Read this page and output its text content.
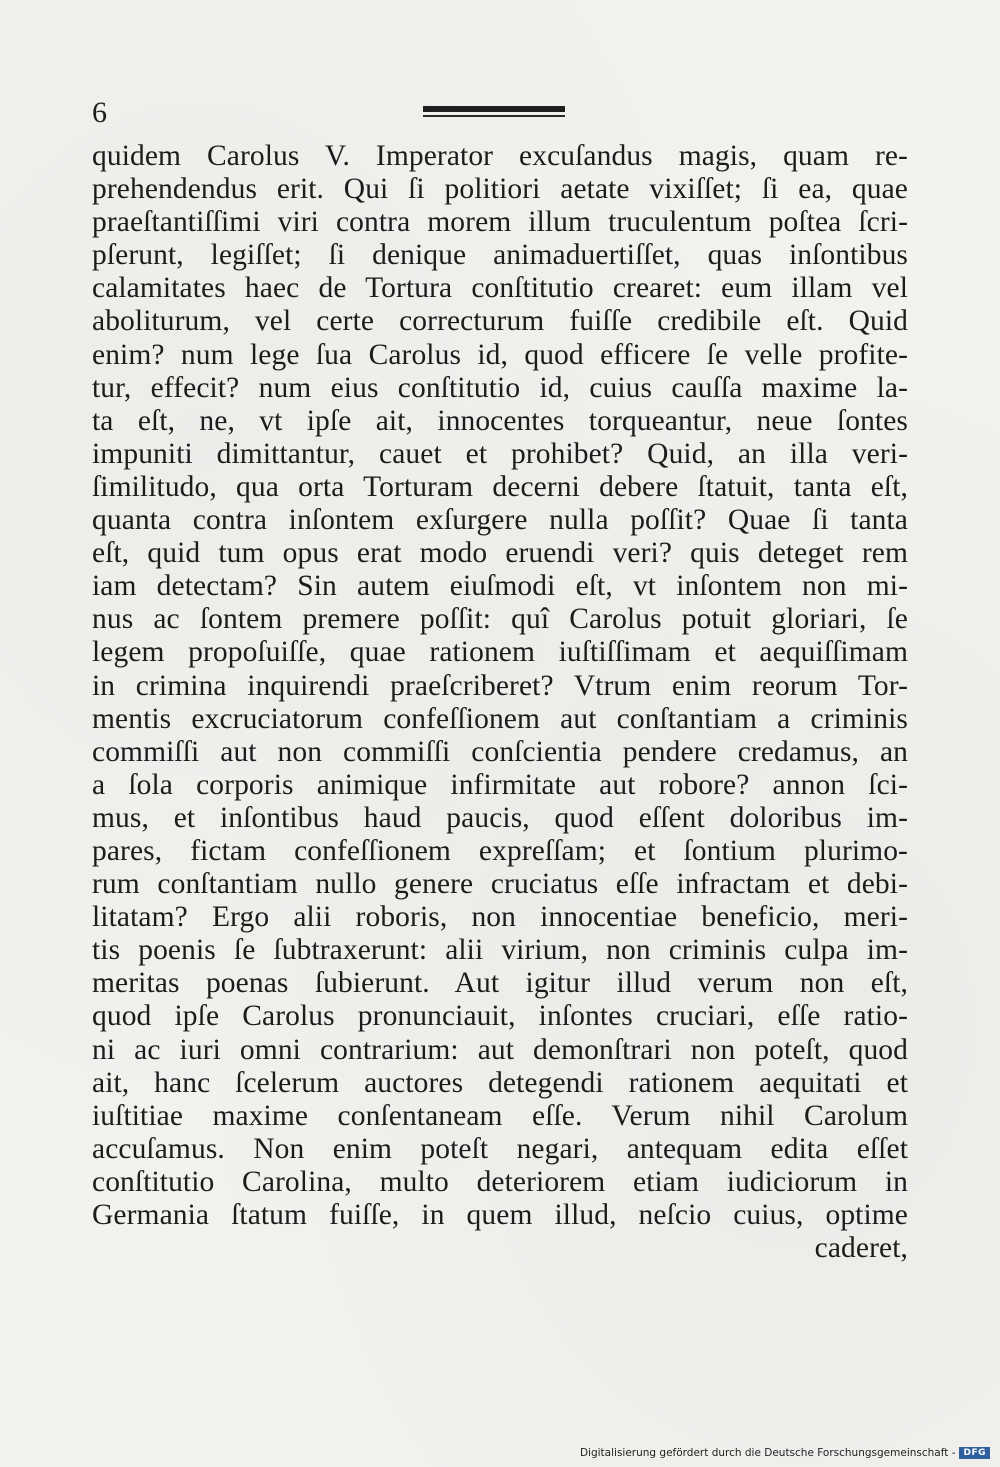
6
quidem Carolus V. Imperator excuſandus magis, quam re-
prehendendus erit. Qui ſi politiori aetate vixiſſet; ſi ea, quae
praeſtantiſſimi viri contra morem illum truculentum poſtea ſcri-
pſerunt, legiſſet; ſi denique animaduertiſſet, quas inſontibus
calamitates haec de Tortura conſtitutio crearet: eum illam vel
aboliturum, vel certe correcturum fuiſſe credibile eſt. Quid
enim? num lege ſua Carolus id, quod efficere ſe velle profite-
tur, effecit? num eius conſtitutio id, cuius cauſſa maxime la-
ta eſt, ne, vt ipſe ait, innocentes torqueantur, neue ſontes
impuniti dimittantur, cauet et prohibet? Quid, an illa veri-
ſimilitudo, qua orta Torturam decerni debere ſtatuit, tanta eſt,
quanta contra inſontem exſurgere nulla poſſit? Quae ſi tanta
eſt, quid tum opus erat modo eruendi veri? quis deteget rem
iam detectam? Sin autem eiuſmodi eſt, vt inſontem non mi-
nus ac ſontem premere poſſit: quî Carolus potuit gloriari, ſe
legem propoſuiſſe, quae rationem iuſtiſſimam et aequiſſimam
in crimina inquirendi praeſcriberet? Vtrum enim reorum Tor-
mentis excruciatorum confeſſionem aut conſtantiam a criminis
commiſſi aut non commiſſi conſcientia pendere credamus, an
a ſola corporis animique infirmitate aut robore? annon ſci-
mus, et inſontibus haud paucis, quod eſſent doloribus im-
pares, fictam confeſſionem expreſſam; et ſontium plurimo-
rum conſtantiam nullo genere cruciatus eſſe infractam et debi-
litatam? Ergo alii roboris, non innocentiae beneficio, meri-
tis poenis ſe ſubtraxerunt: alii virium, non criminis culpa im-
meritas poenas ſubierunt. Aut igitur illud verum non eſt,
quod ipſe Carolus pronunciauit, inſontes cruciari, eſſe ratio-
ni ac iuri omni contrarium: aut demonſtrari non poteſt, quod
ait, hanc ſcelerum auctores detegendi rationem aequitati et
iuſtitiae maxime conſentaneam eſſe. Verum nihil Carolum
accuſamus. Non enim poteſt negari, antequam edita eſſet
conſtitutio Carolina, multo deteriorem etiam iudiciorum in
Germania ſtatum fuiſſe, in quem illud, neſcio cuius, optime
caderet,
Digitalisierung gefördert durch die Deutsche Forschungsgemeinschaft - DFG
